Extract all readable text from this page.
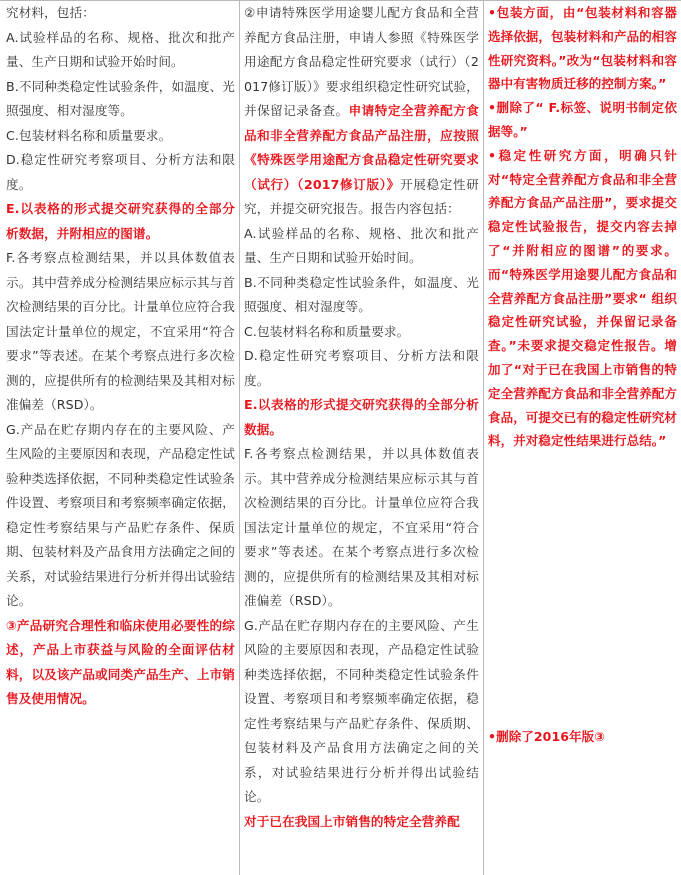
究材料，包括：

A.试验样品的名称、规格、批次和批产量、生产日期和试验开始时间。

B.不同种类稳定性试验条件，如温度、光照强度、相对湿度等。

C.包装材料名称和质量要求。

D.稳定性研究考察项目、分析方法和限度。

E.以表格的形式提交研究获得的全部分析数据，并附相应的图谱。

F.各考察点检测结果，并以具体数值表示。其中营养成分检测结果应标示其与首次检测结果的百分比。计量单位应符合我国法定计量单位的规定，不宜采用“符合要求”等表述。在某个考察点进行多次检测的，应提供所有的检测结果及其相对标准偏差（RSD）。

G.产品在贮存期内存在的主要风险、产生风险的主要原因和表现，产品稳定性试验种类选择依据，不同种类稳定性试验条件设置、考察项目和考察频率确定依据，稳定性考察结果与产品贮存条件、保质期、包装材料及产品食用方法确定之间的关系，对试验结果进行分析并得出试验结论。

③产品研究合理性和临床使用必要性的综述，产品上市获益与风险的全面评估材料，以及该产品或同类产品生产、上市销售及使用情况。

②申请特殊医学用途婴儿配方食品和全营养配方食品注册，申请人参照《特殊医学用途配方食品稳定性研究要求（试行）（2017修订版）》要求组织稳定性研究试验，并保留记录备查。申请特定全营养配方食品和非全营养配方食品产品注册，应按照《特殊医学用途配方食品稳定性研究要求（试行）（2017修订版）》开展稳定性研究，并提交研究报告。报告内容包括：

A.试验样品的名称、规格、批次和批产量、生产日期和试验开始时间。

B.不同种类稳定性试验条件，如温度、光照强度、相对湿度等。

C.包装材料名称和质量要求。

D.稳定性研究考察项目、分析方法和限度。

E.以表格的形式提交研究获得的全部分析数据。

F.各考察点检测结果，并以具体数值表示。其中营养成分检测结果应标示其与首次检测结果的百分比。计量单位应符合我国法定计量单位的规定，不宜采用“符合要求”等表述。在某个考察点进行多次检测的，应提供所有的检测结果及其相对标准偏差（RSD）。

G.产品在贮存期内存在的主要风险、产生风险的主要原因和表现，产品稳定性试验种类选择依据，不同种类稳定性试验条件设置、考察项目和考察频率确定依据，稳定性考察结果与产品贮存条件、保质期、包装材料及产品食用方法确定之间的关系，对试验结果进行分析并得出试验结论。

对于已在我国上市销售的特定全营养配

•包装方面，由“包装材料和容器选择依据，包装材料和产品的相容性研究资料。”改为“包装材料和容器中有害物质迁移的控制方案。”

•删除了“ F.标签、说明书制定依据等。”

•稳定性研究方面，明确只针对“特定全营养配方食品和非全营养配方食品产品注册”，要求提交稳定性试验报告，提交内容去掉了“并附相应的图谱”的要求。而“特殊医学用途婴儿配方食品和全营养配方食品注册”要求“ 组织稳定性研究试验，并保留记录备查。”未要求提交稳定性报告。增加了“对于已在我国上市销售的特定全营养配方食品和非全营养配方食品，可提交已有的稳定性研究材料，并对稳定性结果进行总结。”

•删除了2016年版③
